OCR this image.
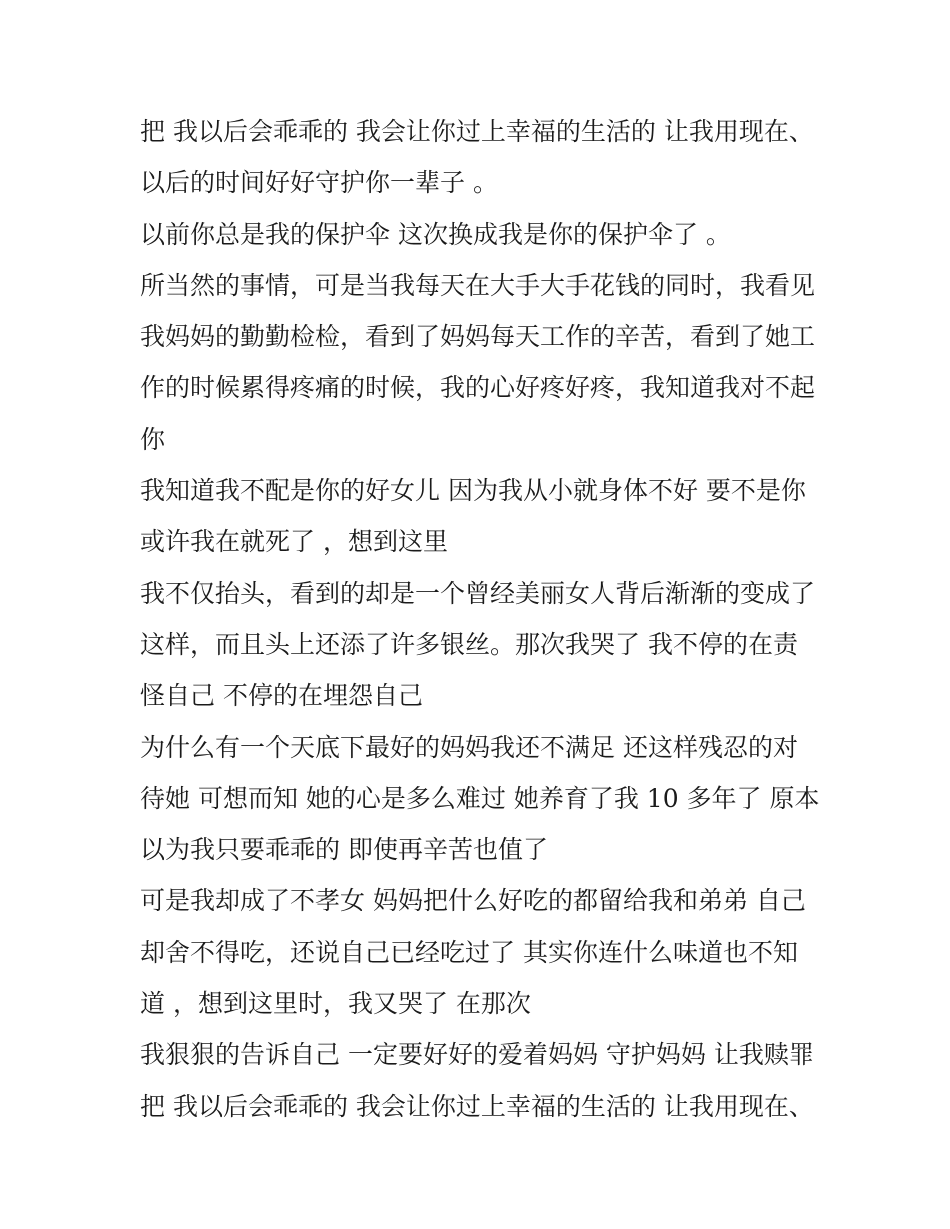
把 我以后会乖乖的 我会让你过上幸福的生活的 让我用现在、
以后的时间好好守护你一辈子 。
以前你总是我的保护伞 这次换成我是你的保护伞了 。
所当然的事情，可是当我每天在大手大手花钱的同时，我看见
我妈妈的勤勤检检，看到了妈妈每天工作的辛苦，看到了她工
作的时候累得疼痛的时候，我的心好疼好疼，我知道我对不起
你
我知道我不配是你的好女儿 因为我从小就身体不好 要不是你
或许我在就死了 ，想到这里
我不仅抬头，看到的却是一个曾经美丽女人背后渐渐的变成了
这样，而且头上还添了许多银丝。那次我哭了 我不停的在责
怪自己 不停的在埋怨自己
为什么有一个天底下最好的妈妈我还不满足 还这样残忍的对
待她 可想而知 她的心是多么难过 她养育了我 10 多年了 原本
以为我只要乖乖的 即使再辛苦也值了
可是我却成了不孝女 妈妈把什么好吃的都留给我和弟弟 自己
却舍不得吃，还说自己已经吃过了 其实你连什么味道也不知
道 ，想到这里时，我又哭了 在那次
我狠狠的告诉自己 一定要好好的爱着妈妈 守护妈妈 让我赎罪
把 我以后会乖乖的 我会让你过上幸福的生活的 让我用现在、
